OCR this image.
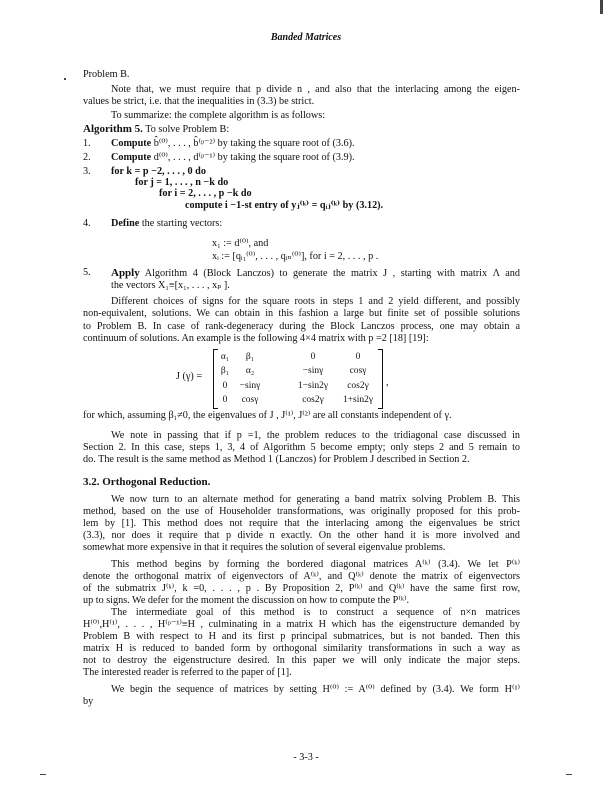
Banded Matrices
Problem B.
Note that, we must require that p divide n , and also that the interlacing among the eigen-
values be strict, i.e. that the inequalities in (3.3) be strict.
To summarize: the complete algorithm is as follows:
Algorithm 5. To solve Problem B:
1. Compute b̂⁽⁰⁾, . . . , b̂⁽ᵖ⁻²⁾ by taking the square root of (3.6).
2. Compute d⁽⁰⁾, . . . , d⁽ᵖ⁻¹⁾ by taking the square root of (3.9).
3. for k = p −2, . . . , 0 do
for j = 1, . . . , n −k do
for i = 2, . . . , p −k do
compute i −1-st entry of yⱼ⁽ᵏ⁾ = qᵢⱼ⁽ᵏ⁾ by (3.12).
4. Define the starting vectors:
x₁ := d⁽⁰⁾, and
xᵢ := [qᵢ₁⁽⁰⁾, . . . , qᵢₙ⁽⁰⁾], for i = 2, . . . , p .
5. Apply Algorithm 4 (Block Lanczos) to generate the matrix J , starting with matrix Λ and
the vectors X₁≡[x₁, . . . , xₚ ].
Different choices of signs for the square roots in steps 1 and 2 yield different, and possibly
non-equivalent, solutions. We can obtain in this fashion a large but finite set of possible solutions
to Problem B. In case of rank-degeneracy during the Block Lanczos process, one may obtain a
continuum of solutions. An example is the following 4×4 matrix with p =2 [18] [19]:
J (γ) =
α₁	β₁	0	0
β₁	α₂	−sinγ	cosγ
0	−sinγ	1−sin2γ	cos2γ
0	cosγ	cos2γ	1+sin2γ
,
for which, assuming β₁≠0, the eigenvalues of J , J⁽¹⁾, J⁽²⁾ are all constants independent of γ.
We note in passing that if p =1, the problem reduces to the tridiagonal case discussed in
Section 2. In this case, steps 1, 3, 4 of Algorithm 5 become empty; only steps 2 and 5 remain to
do. The result is the same method as Method 1 (Lanczos) for Problem J described in Section 2.
3.2. Orthogonal Reduction.
We now turn to an alternate method for generating a band matrix solving Problem B. This
method, based on the use of Householder transformations, was originally proposed for this prob-
lem by [1]. This method does not require that the interlacing among the eigenvalues be strict
(3.3), nor does it require that p divide n exactly. On the other hand it is more involved and
somewhat more expensive in that it requires the solution of several eigenvalue problems.
This method begins by forming the bordered diagonal matrices A⁽ᵏ⁾ (3.4). We let P⁽ᵏ⁾
denote the orthogonal matrix of eigenvectors of A⁽ᵏ⁾, and Q⁽ᵏ⁾ denote the matrix of eigenvectors
of the submatrix J⁽ᵏ⁾, k =0, . . . , p . By Proposition 2, P⁽ᵏ⁾ and Q⁽ᵏ⁾ have the same first row,
up to signs. We defer for the moment the discussion on how to compute the P⁽ᵏ⁾.
The intermediate goal of this method is to construct a sequence of n×n matrices
H⁽⁰⁾,H⁽¹⁾, . . . , H⁽ᵖ⁻¹⁾≡H , culminating in a matrix H which has the eigenstructure demanded by
Problem B with respect to H and its first p principal submatrices, but is not banded. Then this
matrix H is reduced to banded form by orthogonal similarity transformations in such a way as
not to destroy the eigenstructure desired. In this paper we will only indicate the major steps.
The interested reader is referred to the paper of [1].
We begin the sequence of matrices by setting H⁽⁰⁾ := A⁽⁰⁾ defined by (3.4). We form H⁽¹⁾
by
- 3-3 -
